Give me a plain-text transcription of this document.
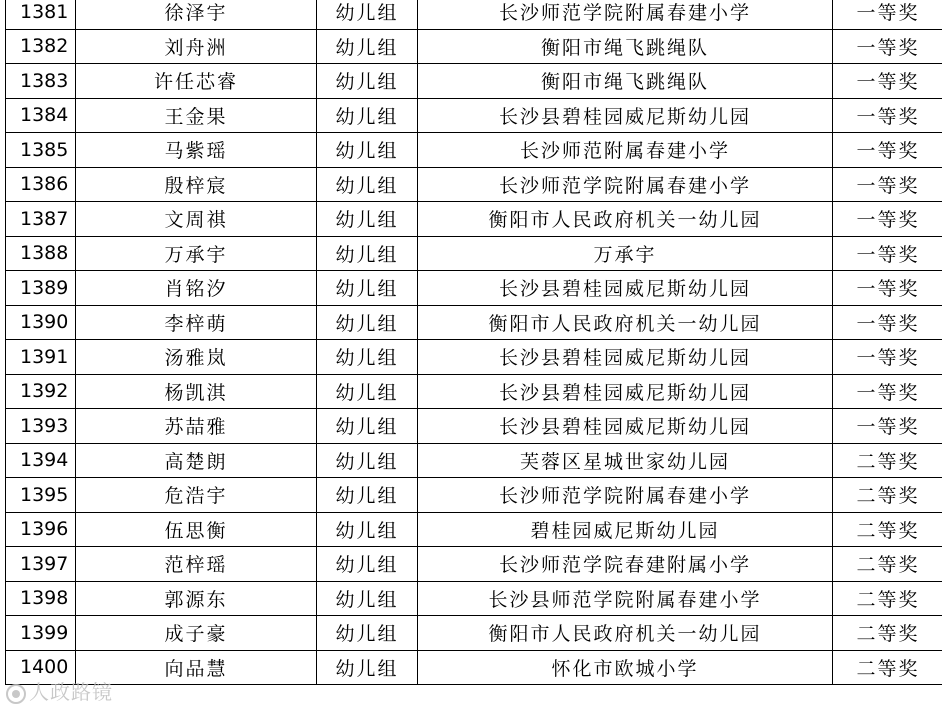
1381	徐泽宇	幼儿组	长沙师范学院附属春建小学	一等奖
1382	刘舟洲	幼儿组	衡阳市绳飞跳绳队	一等奖
1383	许任芯睿	幼儿组	衡阳市绳飞跳绳队	一等奖
1384	王金果	幼儿组	长沙县碧桂园威尼斯幼儿园	一等奖
1385	马紫瑶	幼儿组	长沙师范附属春建小学	一等奖
1386	殷梓宸	幼儿组	长沙师范学院附属春建小学	一等奖
1387	文周祺	幼儿组	衡阳市人民政府机关一幼儿园	一等奖
1388	万承宇	幼儿组	万承宇	一等奖
1389	肖铭汐	幼儿组	长沙县碧桂园威尼斯幼儿园	一等奖
1390	李梓萌	幼儿组	衡阳市人民政府机关一幼儿园	一等奖
1391	汤雅岚	幼儿组	长沙县碧桂园威尼斯幼儿园	一等奖
1392	杨凯淇	幼儿组	长沙县碧桂园威尼斯幼儿园	一等奖
1393	苏喆雅	幼儿组	长沙县碧桂园威尼斯幼儿园	一等奖
1394	高楚朗	幼儿组	芙蓉区星城世家幼儿园	二等奖
1395	危浩宇	幼儿组	长沙师范学院附属春建小学	二等奖
1396	伍思衡	幼儿组	碧桂园威尼斯幼儿园	二等奖
1397	范梓瑶	幼儿组	长沙师范学院春建附属小学	二等奖
1398	郭源东	幼儿组	长沙县师范学院附属春建小学	二等奖
1399	成子豪	幼儿组	衡阳市人民政府机关一幼儿园	二等奖
1400	向品慧	幼儿组	怀化市欧城小学	二等奖
人政路镜
